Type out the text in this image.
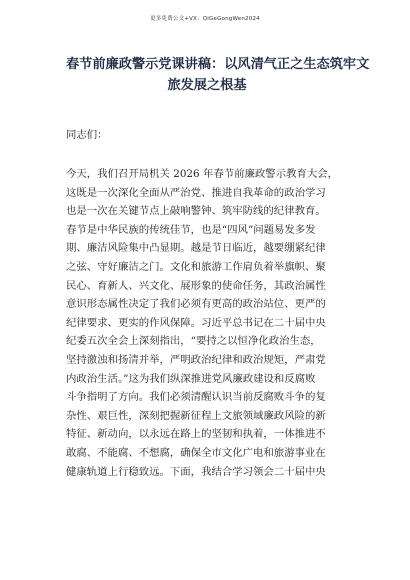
更多免费公文+VX：QiGeGongWen2024
春节前廉政警示党课讲稿：以风清气正之生态筑牢文
旅发展之根基
同志们：
今天，我们召开局机关 2026 年春节前廉政警示教育大会，
这既是一次深化全面从严治党、推进自我革命的政治学习
也是一次在关键节点上敲响警钟、筑牢防线的纪律教育。
春节是中华民族的传统佳节，也是“四风”问题易发多发
期、廉洁风险集中凸显期。越是节日临近，越要绷紧纪律
之弦、守好廉洁之门。文化和旅游工作肩负着举旗帜、聚
民心、育新人、兴文化、展形象的使命任务，其政治属性
意识形态属性决定了我们必须有更高的政治站位、更严的
纪律要求、更实的作风保障。习近平总书记在二十届中央
纪委五次全会上深刻指出，“要持之以恒净化政治生态，
坚持激浊和扬清并举，严明政治纪律和政治规矩，严肃党
内政治生活。”这为我们纵深推进党风廉政建设和反腐败
斗争指明了方向。我们必须清醒认识当前反腐败斗争的复
杂性、艰巨性，深刻把握新征程上文旅领域廉政风险的新
特征、新动向，以永远在路上的坚韧和执着，一体推进不
敢腐、不能腐、不想腐，确保全市文化广电和旅游事业在
健康轨道上行稳致远。下面，我结合学习领会二十届中央
